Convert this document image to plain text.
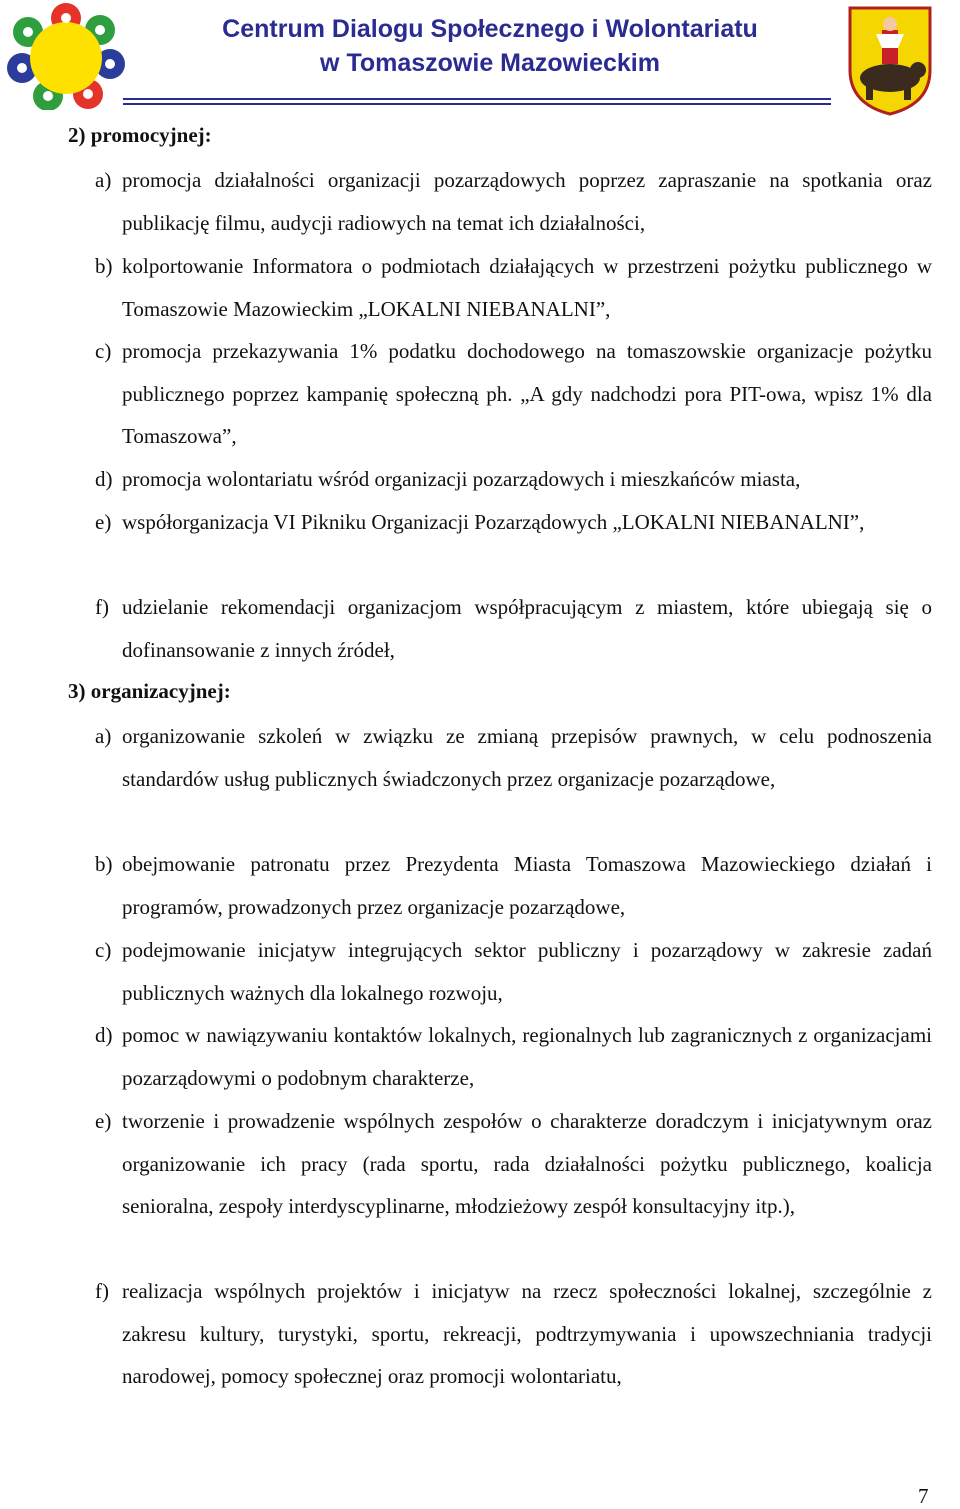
Centrum Dialogu Społecznego i Wolontariatu
w Tomaszowie Mazowieckim
2) promocyjnej:
a) promocja działalności organizacji pozarządowych poprzez zapraszanie na spotkania oraz publikację filmu, audycji radiowych na temat ich działalności,
b) kolportowanie Informatora o podmiotach działających w przestrzeni pożytku publicznego w Tomaszowie Mazowieckim „LOKALNI NIEBANALNI”,
c) promocja przekazywania 1% podatku dochodowego na tomaszowskie organizacje pożytku publicznego poprzez kampanię społeczną ph. „A gdy nadchodzi pora PIT-owa, wpisz 1% dla Tomaszowa”,
d) promocja wolontariatu wśród organizacji pozarządowych i mieszkańców miasta,
e) współorganizacja VI Pikniku Organizacji Pozarządowych „LOKALNI NIEBANALNI”,
f) udzielanie rekomendacji organizacjom współpracującym z miastem, które ubiegają się o dofinansowanie z innych źródeł,
3) organizacyjnej:
a) organizowanie szkoleń w związku ze zmianą przepisów prawnych, w celu podnoszenia standardów usług publicznych świadczonych przez organizacje pozarządowe,
b) obejmowanie patronatu przez Prezydenta Miasta Tomaszowa Mazowieckiego działań i programów, prowadzonych przez organizacje pozarządowe,
c) podejmowanie inicjatyw integrujących sektor publiczny i pozarządowy w zakresie zadań publicznych ważnych dla lokalnego rozwoju,
d) pomoc w nawiązywaniu kontaktów lokalnych, regionalnych lub zagranicznych z organizacjami pozarządowymi o podobnym charakterze,
e) tworzenie i prowadzenie wspólnych zespołów o charakterze doradczym i inicjatywnym oraz organizowanie ich pracy (rada sportu, rada działalności pożytku publicznego, koalicja senioralna, zespoły interdyscyplinarne, młodzieżowy zespół konsultacyjny itp.),
f) realizacja wspólnych projektów i inicjatyw na rzecz społeczności lokalnej, szczególnie z zakresu kultury, turystyki, sportu, rekreacji, podtrzymywania i upowszechniania tradycji narodowej, pomocy społecznej oraz promocji wolontariatu,
7
